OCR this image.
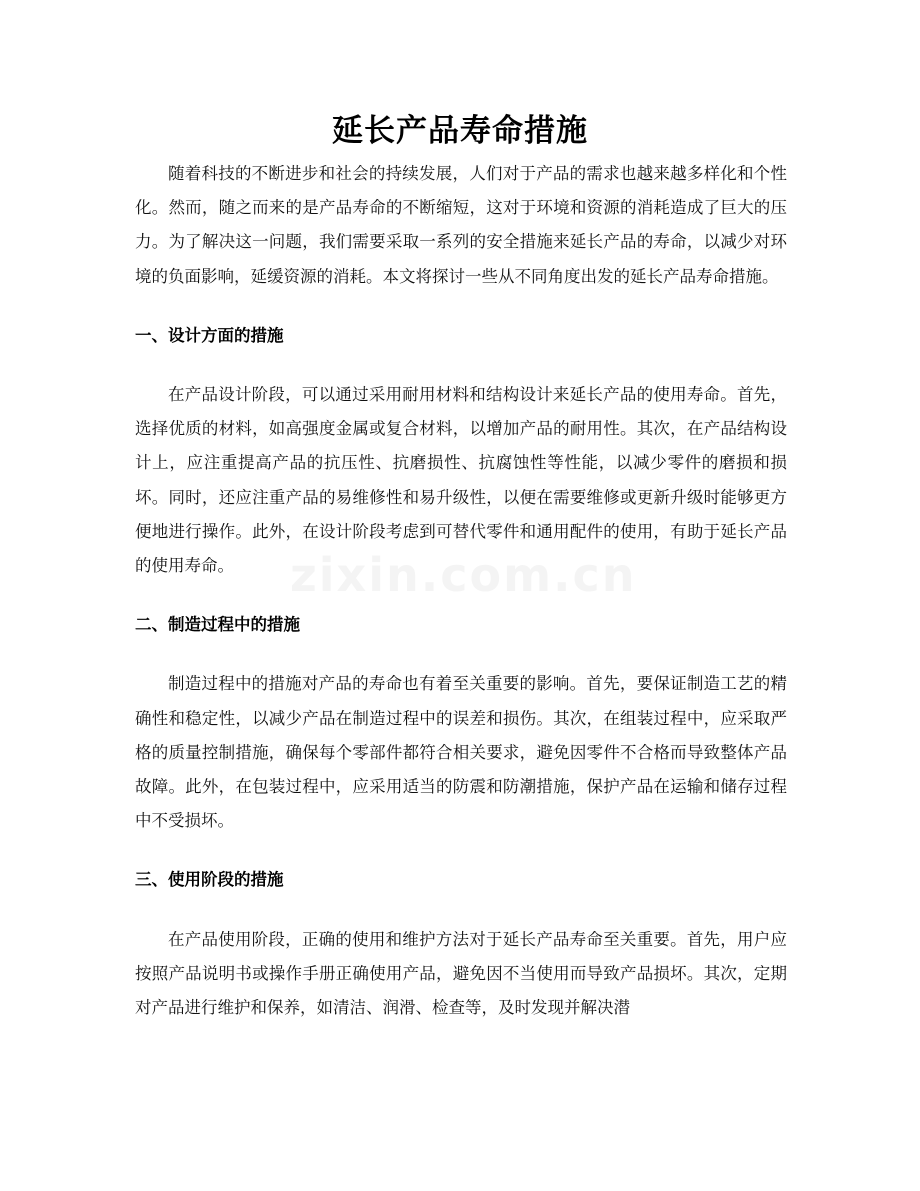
zixin.com.cn
延长产品寿命措施

随着科技的不断进步和社会的持续发展，人们对于产品的需求也越来越多样化和个性化。然而，随之而来的是产品寿命的不断缩短，这对于环境和资源的消耗造成了巨大的压力。为了解决这一问题，我们需要采取一系列的安全措施来延长产品的寿命，以减少对环境的负面影响，延缓资源的消耗。本文将探讨一些从不同角度出发的延长产品寿命措施。

一、设计方面的措施

在产品设计阶段，可以通过采用耐用材料和结构设计来延长产品的使用寿命。首先，选择优质的材料，如高强度金属或复合材料，以增加产品的耐用性。其次，在产品结构设计上，应注重提高产品的抗压性、抗磨损性、抗腐蚀性等性能，以减少零件的磨损和损坏。同时，还应注重产品的易维修性和易升级性，以便在需要维修或更新升级时能够更方便地进行操作。此外，在设计阶段考虑到可替代零件和通用配件的使用，有助于延长产品的使用寿命。

二、制造过程中的措施

制造过程中的措施对产品的寿命也有着至关重要的影响。首先，要保证制造工艺的精确性和稳定性，以减少产品在制造过程中的误差和损伤。其次，在组装过程中，应采取严格的质量控制措施，确保每个零部件都符合相关要求，避免因零件不合格而导致整体产品故障。此外，在包装过程中，应采用适当的防震和防潮措施，保护产品在运输和储存过程中不受损坏。

三、使用阶段的措施

在产品使用阶段，正确的使用和维护方法对于延长产品寿命至关重要。首先，用户应按照产品说明书或操作手册正确使用产品，避免因不当使用而导致产品损坏。其次，定期对产品进行维护和保养，如清洁、润滑、检查等，及时发现并解决潜
